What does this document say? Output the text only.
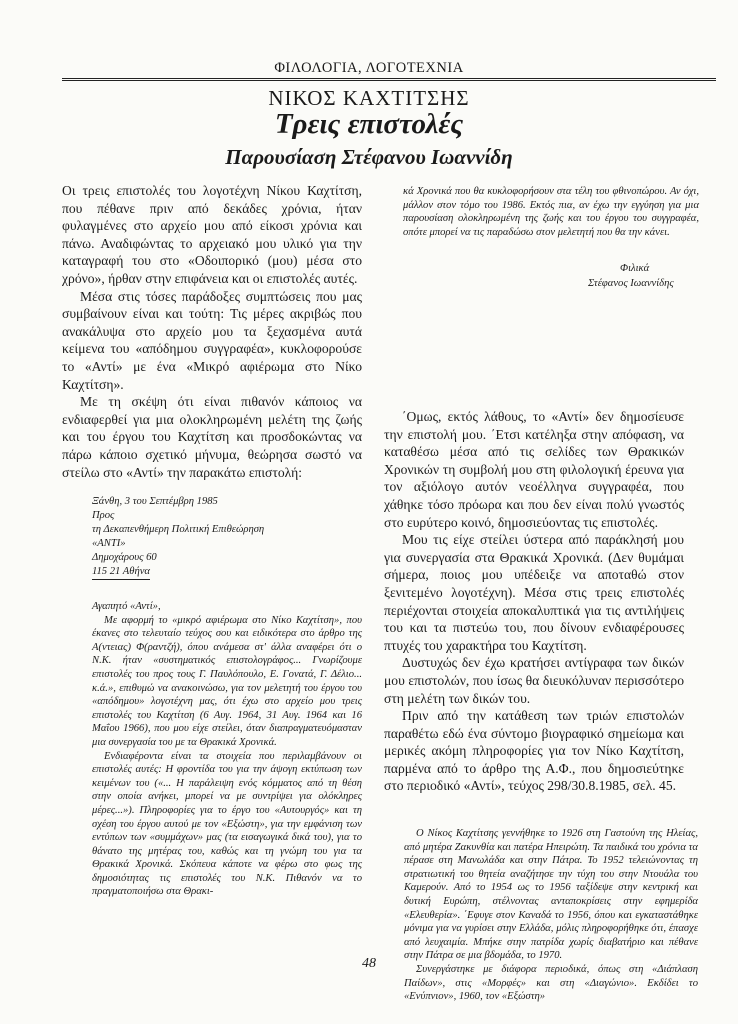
ΦΙΛΟΛΟΓΙΑ, ΛΟΓΟΤΕΧΝΙΑ
ΝΙΚΟΣ ΚΑΧΤΙΤΣΗΣ
Τρεις επιστολές
Παρουσίαση Στέφανου Ιωαννίδη

Οι τρεις επιστολές του λογοτέχνη Νίκου Καχτίτση, που πέθανε πριν από δεκάδες χρόνια, ήταν φυλαγμένες στο αρχείο μου από είκοσι χρόνια και πάνω. Αναδιφώντας το αρχειακό μου υλικό για την καταγραφή του στο «Οδοιπορικό (μου) μέσα στο χρόνο», ήρθαν στην επιφάνεια και οι επιστολές αυτές.

Μέσα στις τόσες παράδοξες συμπτώσεις που μας συμβαίνουν είναι και τούτη: Τις μέρες ακριβώς που ανακάλυψα στο αρχείο μου τα ξεχασμένα αυτά κείμενα του «απόδημου συγγραφέα», κυκλοφορούσε το «Αντί» με ένα «Μικρό αφιέρωμα στο Νίκο Καχτίτση».

Με τη σκέψη ότι είναι πιθανόν κάποιος να ενδιαφερθεί για μια ολοκληρωμένη μελέτη της ζωής και του έργου του Καχτίτση και προσδοκώντας να πάρω κάποιο σχετικό μήνυμα, θεώρησα σωστό να στείλω στο «Αντί» την παρακάτω επιστολή:

Ξάνθη, 3 του Σεπτέμβρη 1985
Προς
τη Δεκαπενθήμερη Πολιτική Επιθεώρηση
«ΑΝΤΙ»
Δημοχάρους 60
115 21 Αθήνα

Αγαπητό «Αντί»,

Με αφορμή το «μικρό αφιέρωμα στο Νίκο Καχτίτση», που έκανες στο τελευταίο τεύχος σου και ειδικότερα στο άρθρο της Α(ντειας) Φ(ραντζή), όπου ανάμεσα στ' άλλα αναφέρει ότι ο Ν.Κ. ήταν «συστηματικός επιστολογράφος... Γνωρίζουμε επιστολές του προς τους Γ. Παυλόπουλο, Ε. Γονατά, Γ. Δέλιο... κ.ά.», επιθυμώ να ανακοινώσω, για τον μελετητή του έργου του «απόδημου» λογοτέχνη μας, ότι έχω στο αρχείο μου τρεις επιστολές του Καχτίτση (6 Αυγ. 1964, 31 Αυγ. 1964 και 16 Μαΐου 1966), που μου είχε στείλει, όταν διαπραγματευόμασταν μια συνεργασία του με τα Θρακικά Χρονικά.

Ενδιαφέροντα είναι τα στοιχεία που περιλαμβάνουν οι επιστολές αυτές: Η φροντίδα του για την άψογη εκτύπωση των κειμένων του («... Η παράλειψη ενός κόμματος από τη θέση στην οποία ανήκει, μπορεί να με συντρίψει για ολόκληρες μέρες...»). Πληροφορίες για το έργο του «Αυτουργός» και τη σχέση του έργου αυτού με τον «Εξώστη», για την εμφάνιση των εντύπων των «συμμάχων» μας (τα εισαγωγικά δικά του), για το θάνατο της μητέρας του, καθώς και τη γνώμη του για τα Θρακικά Χρονικά. Σκόπευα κάποτε να φέρω στο φως της δημοσιότητας τις επιστολές του Ν.Κ. Πιθανόν να το πραγματοποιήσω στα Θρακι-

κά Χρονικά που θα κυκλοφορήσουν στα τέλη του φθινοπώρου. Αν όχι, μάλλον στον τόμο του 1986. Εκτός πια, αν έχω την εγγύηση για μια παρουσίαση ολοκληρωμένη της ζωής και του έργου του συγγραφέα, οπότε μπορεί να τις παραδώσω στον μελετητή που θα την κάνει.

Φιλικά
Στέφανος Ιωαννίδης

΄Ομως, εκτός λάθους, το «Αντί» δεν δημοσίευσε την επιστολή μου. ΄Ετσι κατέληξα στην απόφαση, να καταθέσω μέσα από τις σελίδες των Θρακικών Χρονικών τη συμβολή μου στη φιλολογική έρευνα για τον αξιόλογο αυτόν νεοέλληνα συγγραφέα, που χάθηκε τόσο πρόωρα και που δεν είναι πολύ γνωστός στο ευρύτερο κοινό, δημοσιεύοντας τις επιστολές.

Μου τις είχε στείλει ύστερα από παράκλησή μου για συνεργασία στα Θρακικά Χρονικά. (Δεν θυμάμαι σήμερα, ποιος μου υπέδειξε να αποταθώ στον ξενιτεμένο λογοτέχνη). Μέσα στις τρεις επιστολές περιέχονται στοιχεία αποκαλυπτικά για τις αντιλήψεις του και τα πιστεύω του, που δίνουν ενδιαφέρουσες πτυχές του χαρακτήρα του Καχτίτση.

Δυστυχώς δεν έχω κρατήσει αντίγραφα των δικών μου επιστολών, που ίσως θα διευκόλυναν περισσότερο στη μελέτη των δικών του.

Πριν από την κατάθεση των τριών επιστολών παραθέτω εδώ ένα σύντομο βιογραφικό σημείωμα και μερικές ακόμη πληροφορίες για τον Νίκο Καχτίτση, παρμένα από το άρθρο της Α.Φ., που δημοσιεύτηκε στο περιοδικό «Αντί», τεύχος 298/30.8.1985, σελ. 45.

Ο Νίκος Καχτίτσης γεννήθηκε το 1926 στη Γαστούνη της Ηλείας, από μητέρα Ζακυνθία και πατέρα Ηπειρώτη. Τα παιδικά του χρόνια τα πέρασε στη Μανωλάδα και στην Πάτρα. Το 1952 τελειώνοντας τη στρατιωτική του θητεία αναζήτησε την τύχη του στην Ντουάλα του Καμερούν. Από το 1954 ως το 1956 ταξίδεψε στην κεντρική και δυτική Ευρώπη, στέλνοντας ανταποκρίσεις στην εφημερίδα «Ελευθερία». ΄Εφυγε στον Καναδά το 1956, όπου και εγκαταστάθηκε μόνιμα για να γυρίσει στην Ελλάδα, μόλις πληροφορήθηκε ότι, έπασχε από λευχαιμία. Μπήκε στην πατρίδα χωρίς διαβατήριο και πέθανε στην Πάτρα σε μια βδομάδα, το 1970.

Συνεργάστηκε με διάφορα περιοδικά, όπως στη «Διάπλαση Παίδων», στις «Μορφές» και στη «Διαγώνιο». Εκδίδει το «Ενύπνιον», 1960, τον «Εξώστη»

48
